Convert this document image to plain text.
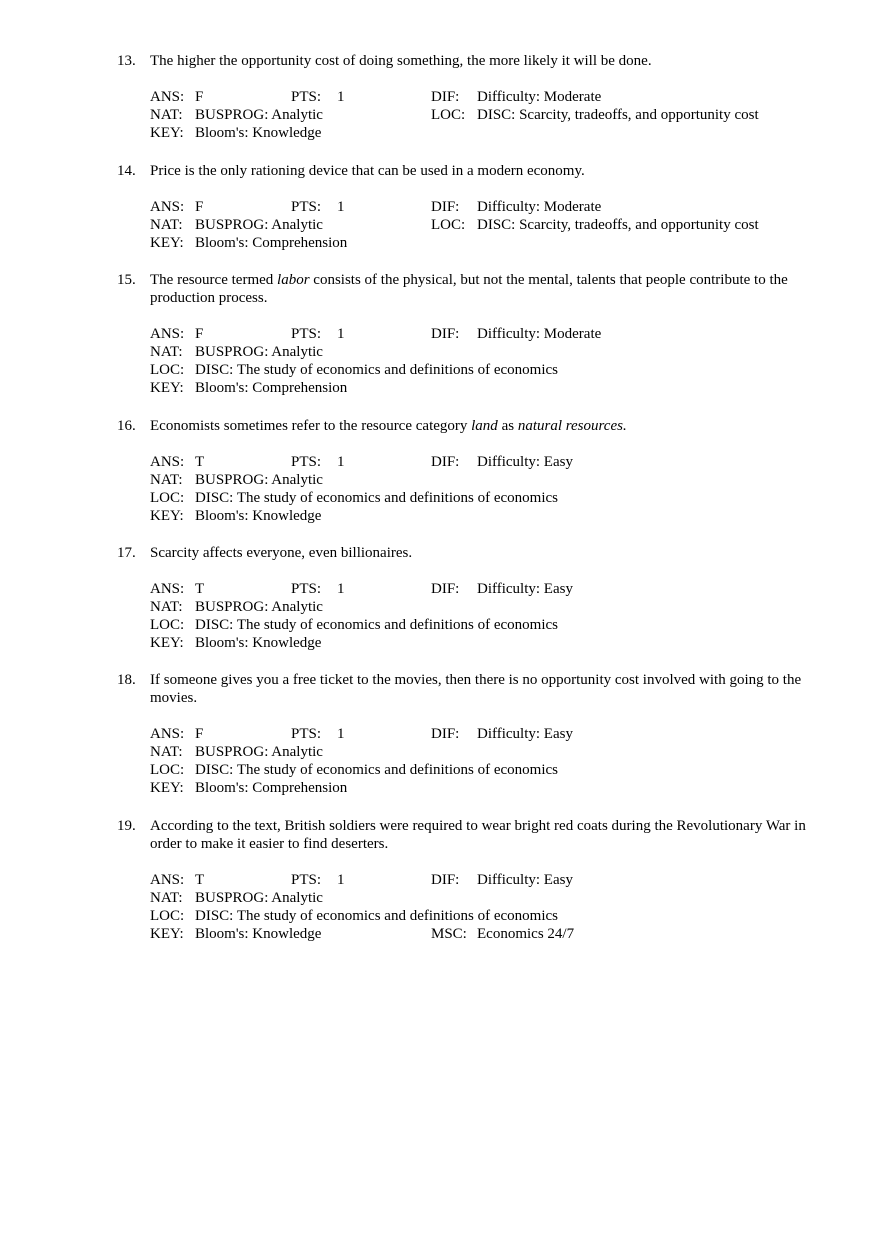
13. The higher the opportunity cost of doing something, the more likely it will be done.
ANS: F	PTS: 1	DIF: Difficulty: Moderate
NAT: BUSPROG: Analytic	LOC: DISC: Scarcity, tradeoffs, and opportunity cost
KEY: Bloom's: Knowledge
14. Price is the only rationing device that can be used in a modern economy.
ANS: F	PTS: 1	DIF: Difficulty: Moderate
NAT: BUSPROG: Analytic	LOC: DISC: Scarcity, tradeoffs, and opportunity cost
KEY: Bloom's: Comprehension
15. The resource termed labor consists of the physical, but not the mental, talents that people contribute to the production process.
ANS: F	PTS: 1	DIF: Difficulty: Moderate
NAT: BUSPROG: Analytic
LOC: DISC: The study of economics and definitions of economics
KEY: Bloom's: Comprehension
16. Economists sometimes refer to the resource category land as natural resources.
ANS: T	PTS: 1	DIF: Difficulty: Easy
NAT: BUSPROG: Analytic
LOC: DISC: The study of economics and definitions of economics
KEY: Bloom's: Knowledge
17. Scarcity affects everyone, even billionaires.
ANS: T	PTS: 1	DIF: Difficulty: Easy
NAT: BUSPROG: Analytic
LOC: DISC: The study of economics and definitions of economics
KEY: Bloom's: Knowledge
18. If someone gives you a free ticket to the movies, then there is no opportunity cost involved with going to the movies.
ANS: F	PTS: 1	DIF: Difficulty: Easy
NAT: BUSPROG: Analytic
LOC: DISC: The study of economics and definitions of economics
KEY: Bloom's: Comprehension
19. According to the text, British soldiers were required to wear bright red coats during the Revolutionary War in order to make it easier to find deserters.
ANS: T	PTS: 1	DIF: Difficulty: Easy
NAT: BUSPROG: Analytic
LOC: DISC: The study of economics and definitions of economics
KEY: Bloom's: Knowledge	MSC: Economics 24/7
